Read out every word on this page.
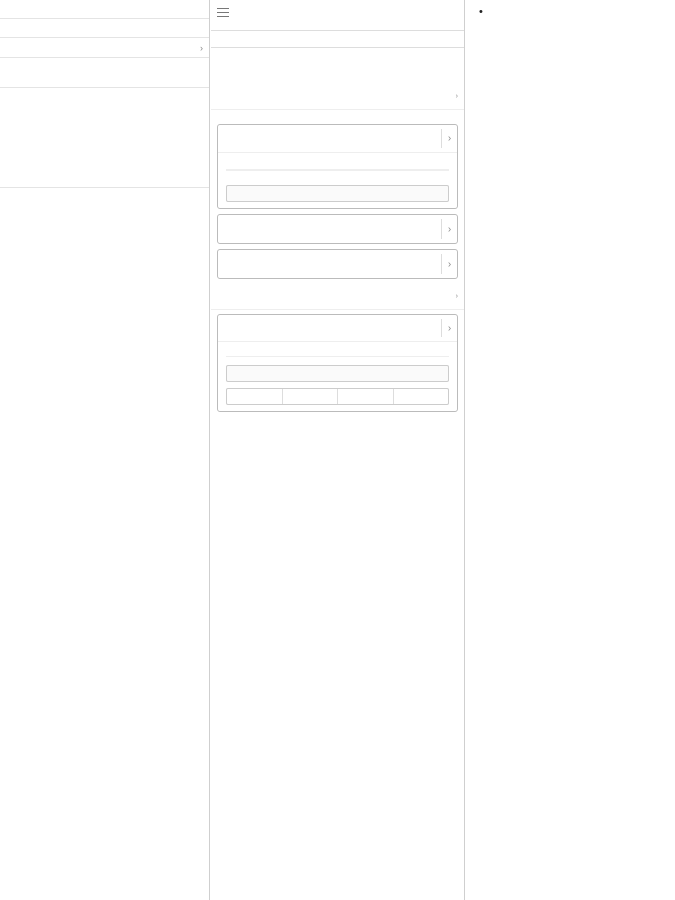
›
›
›
›
›
›
›
•
